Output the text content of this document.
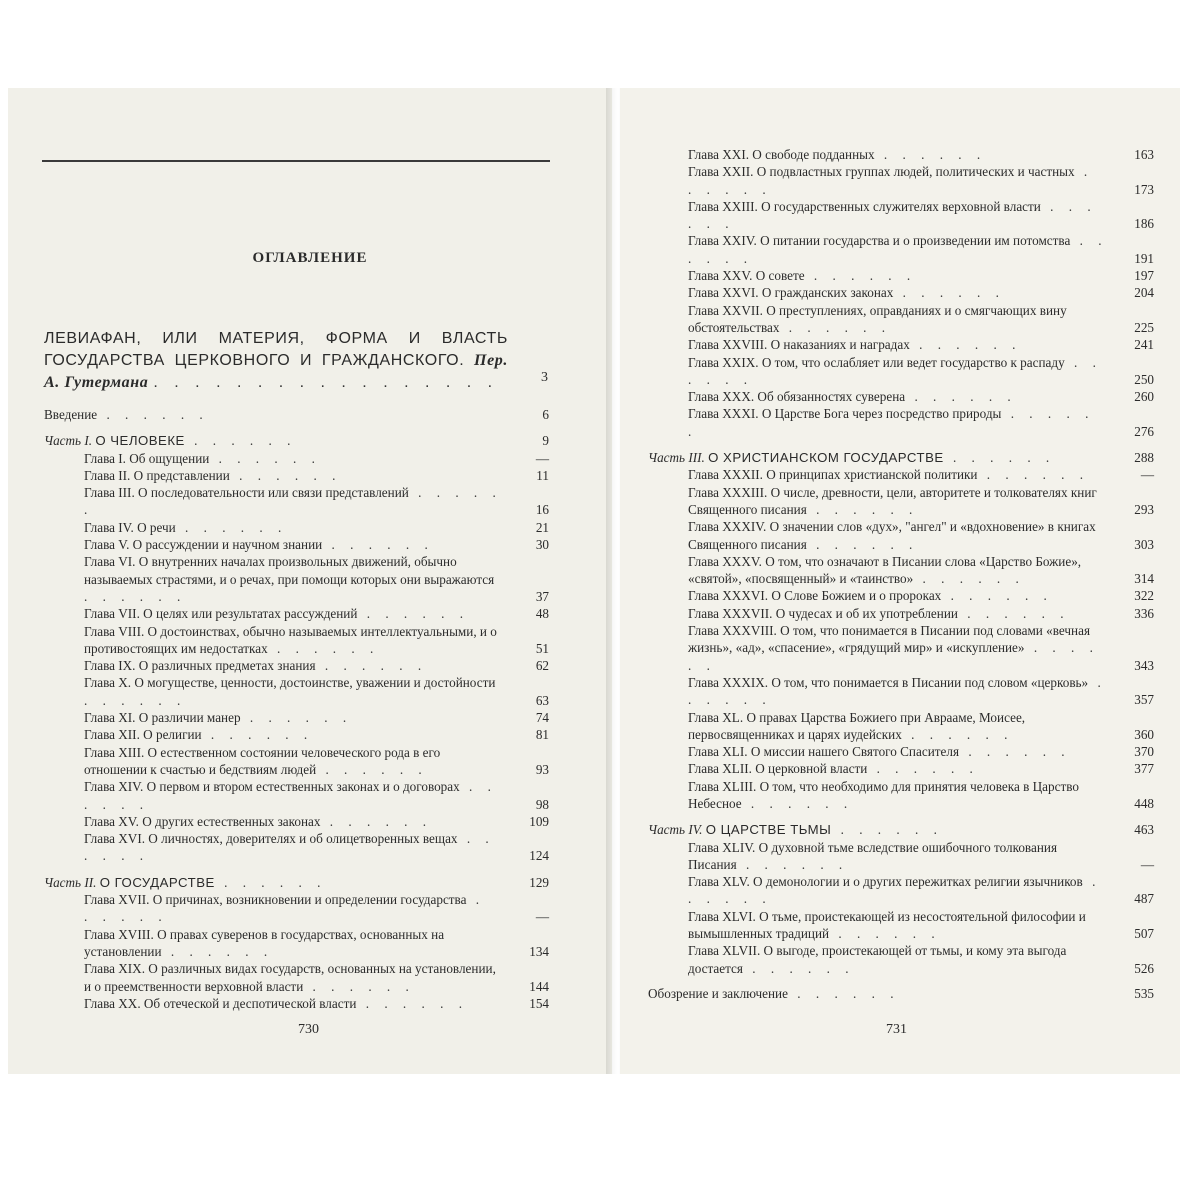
ОГЛАВЛЕНИЕ
ЛЕВИАФАН, ИЛИ МАТЕРИЯ, ФОРМА И ВЛАСТЬ ГОСУДАРСТВА ЦЕРКОВНОГО И ГРАЖДАНСКОГО. Пер. А. Гутермана . . . . . . . . . . . . . . . . .	3
Введение . . . . . .	6
Часть I. О ЧЕЛОВЕКЕ . . . . . .	9
Глава I. Об ощущении . . . . . .	—
Глава II. О представлении . . . . . .	11
Глава III. О последовательности или связи представлений . . . . . .	16
Глава IV. О речи . . . . . .	21
Глава V. О рассуждении и научном знании . . . . . .	30
Глава VI. О внутренних началах произвольных движений, обычно называемых страстями, и о речах, при помощи которых они выражаются . . . . . .	37
Глава VII. О целях или результатах рассуждений . . . . . .	48
Глава VIII. О достоинствах, обычно называемых интеллектуальными, и о противостоящих им недостатках . . . . . .	51
Глава IX. О различных предметах знания . . . . . .	62
Глава X. О могуществе, ценности, достоинстве, уважении и достойности . . . . . .	63
Глава XI. О различии манер . . . . . .	74
Глава XII. О религии . . . . . .	81
Глава XIII. О естественном состоянии человеческого рода в его отношении к счастью и бедствиям людей . . . . . .	93
Глава XIV. О первом и втором естественных законах и о договорах . . . . . .	98
Глава XV. О других естественных законах . . . . . .	109
Глава XVI. О личностях, доверителях и об олицетворенных вещах . . . . . .	124
Часть II. О ГОСУДАРСТВЕ . . . . . .	129
Глава XVII. О причинах, возникновении и определении государства . . . . . .	—
Глава XVIII. О правах суверенов в государствах, основанных на установлении . . . . . .	134
Глава XIX. О различных видах государств, основанных на установлении, и о преемственности верховной власти . . . . . .	144
Глава XX. Об отеческой и деспотической власти . . . . . .	154
730
Глава XXI. О свободе подданных . . . . . .	163
Глава XXII. О подвластных группах людей, политических и частных . . . . . .	173
Глава XXIII. О государственных служителях верховной власти . . . . . .	186
Глава XXIV. О питании государства и о произведении им потомства . . . . . .	191
Глава XXV. О совете . . . . . .	197
Глава XXVI. О гражданских законах . . . . . .	204
Глава XXVII. О преступлениях, оправданиях и о смягчающих вину обстоятельствах . . . . . .	225
Глава XXVIII. О наказаниях и наградах . . . . . .	241
Глава XXIX. О том, что ослабляет или ведет государство к распаду . . . . . .	250
Глава XXX. Об обязанностях суверена . . . . . .	260
Глава XXXI. О Царстве Бога через посредство природы . . . . . .	276
Часть III. О ХРИСТИАНСКОМ ГОСУДАРСТВЕ . . . . . .	288
Глава XXXII. О принципах христианской политики . . . . . .	—
Глава XXXIII. О числе, древности, цели, авторитете и толкователях книг Священного писания . . . . . .	293
Глава XXXIV. О значении слов «дух», "ангел" и «вдохновение» в книгах Священного писания . . . . . .	303
Глава XXXV. О том, что означают в Писании слова «Царство Божие», «святой», «посвященный» и «таинство» . . . . . .	314
Глава XXXVI. О Слове Божием и о пророках . . . . . .	322
Глава XXXVII. О чудесах и об их употреблении . . . . . .	336
Глава XXXVIII. О том, что понимается в Писании под словами «вечная жизнь», «ад», «спасение», «грядущий мир» и «искупление» . . . . . .	343
Глава XXXIX. О том, что понимается в Писании под словом «церковь» . . . . . .	357
Глава XL. О правах Царства Божиего при Аврааме, Моисее, первосвященниках и царях иудейских . . . . . .	360
Глава XLI. О миссии нашего Святого Спасителя . . . . . .	370
Глава XLII. О церковной власти . . . . . .	377
Глава XLIII. О том, что необходимо для принятия человека в Царство Небесное . . . . . .	448
Часть IV. О ЦАРСТВЕ ТЬМЫ . . . . . .	463
Глава XLIV. О духовной тьме вследствие ошибочного толкования Писания . . . . . .	—
Глава XLV. О демонологии и о других пережитках религии язычников . . . . . .	487
Глава XLVI. О тьме, проистекающей из несостоятельной философии и вымышленных традиций . . . . . .	507
Глава XLVII. О выгоде, проистекающей от тьмы, и кому эта выгода достается . . . . . .	526
Обозрение и заключение . . . . . .	535
731
